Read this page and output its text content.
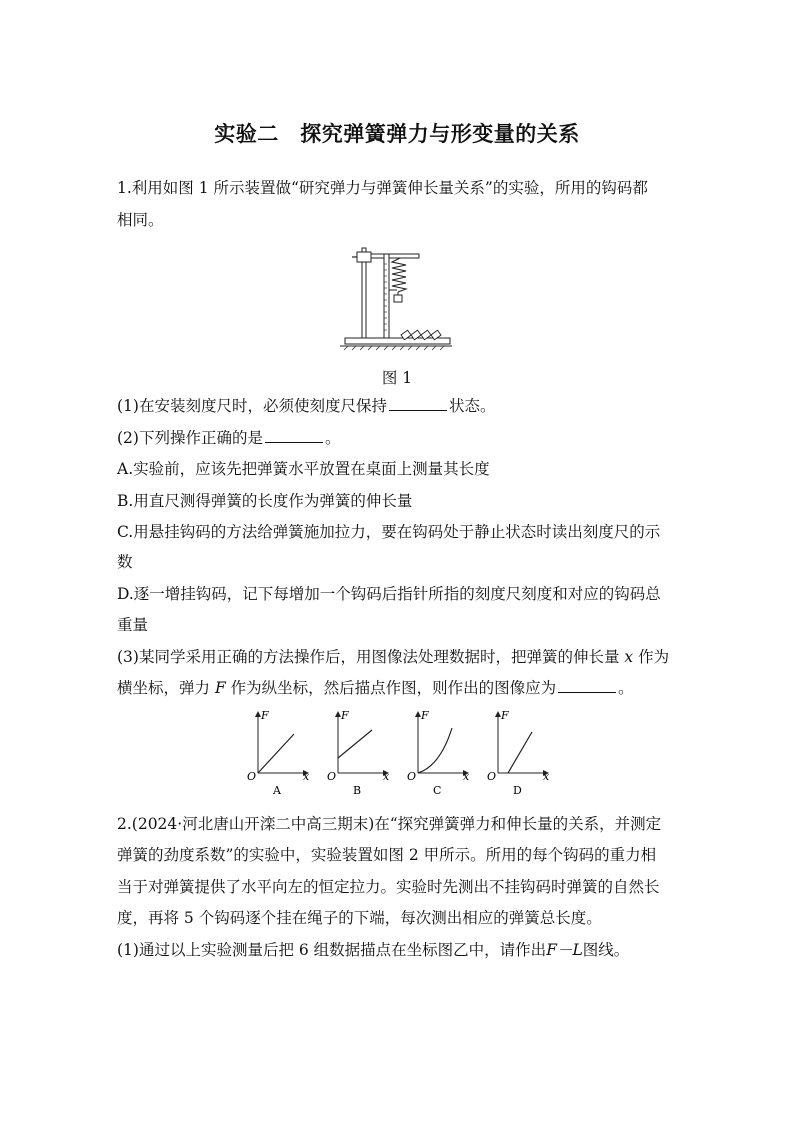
实验二　探究弹簧弹力与形变量的关系
1.利用如图 1 所示装置做“研究弹力与弹簧伸长量关系”的实验，所用的钩码都
相同。
图 1
(1)在安装刻度尺时，必须使刻度尺保持	状态。
(2)下列操作正确的是	。
A.实验前，应该先把弹簧水平放置在桌面上测量其长度
B.用直尺测得弹簧的长度作为弹簧的伸长量
C.用悬挂钩码的方法给弹簧施加拉力，要在钩码处于静止状态时读出刻度尺的示
数
D.逐一增挂钩码，记下每增加一个钩码后指针所指的刻度尺刻度和对应的钩码总
重量
(3)某同学采用正确的方法操作后，用图像法处理数据时，把弹簧的伸长量 x 作为
横坐标，弹力 F 作为纵坐标，然后描点作图，则作出的图像应为	。
F
O	x
A
F
O	x
B
F
O	x
C
F
O	x
D
2.(2024·河北唐山开滦二中高三期末)在“探究弹簧弹力和伸长量的关系，并测定
弹簧的劲度系数”的实验中，实验装置如图 2 甲所示。所用的每个钩码的重力相
当于对弹簧提供了水平向左的恒定拉力。实验时先测出不挂钩码时弹簧的自然长
度，再将 5 个钩码逐个挂在绳子的下端，每次测出相应的弹簧总长度。
(1)通过以上实验测量后把 6 组数据描点在坐标图乙中，请作出F－L图线。
